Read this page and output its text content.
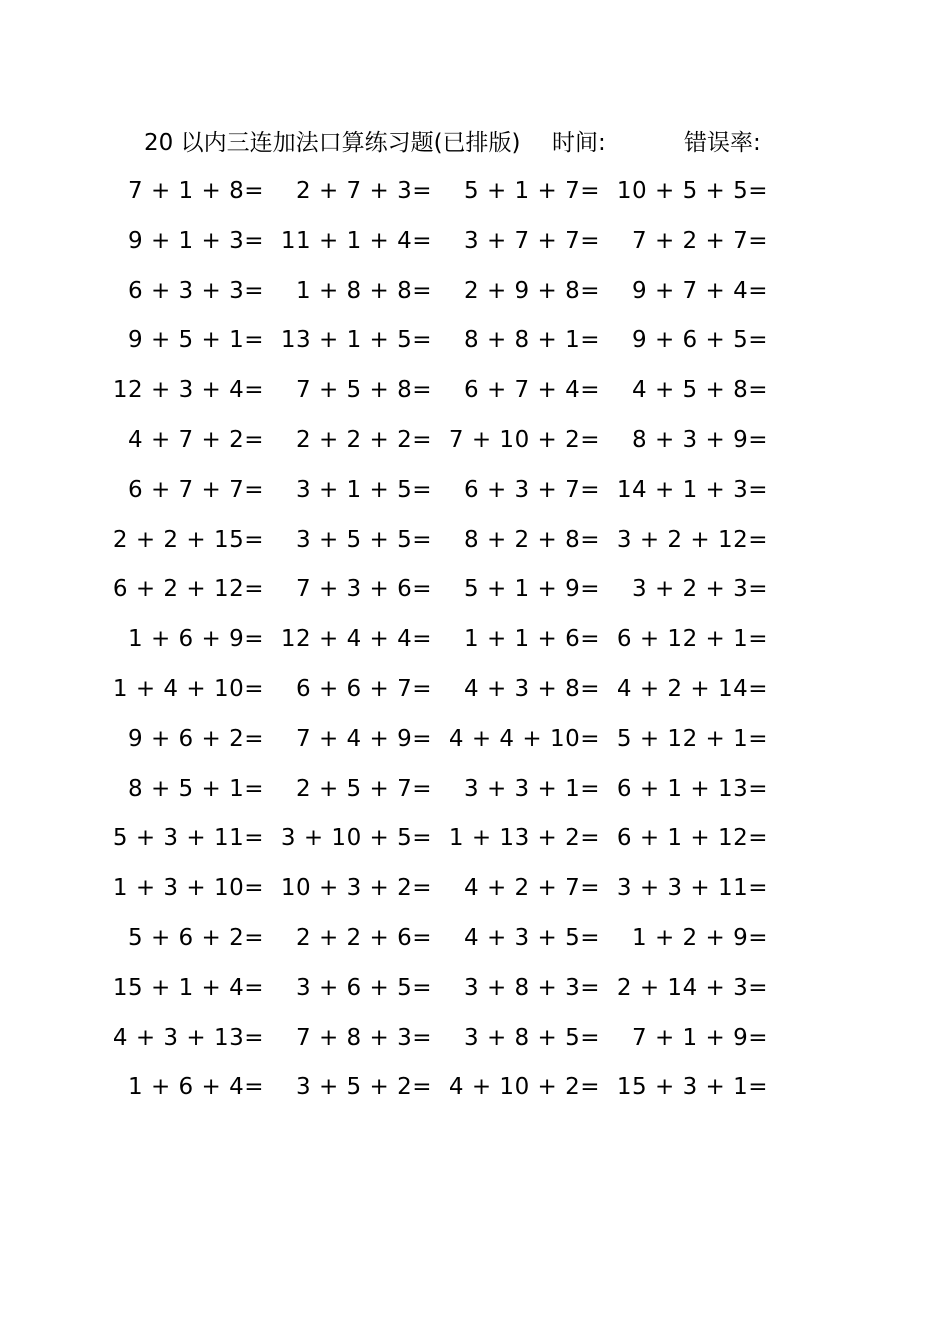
20 以内三连加法口算练习题(已排版) 时间:	错误率:
7 + 1 + 8= 2 + 7 + 3= 5 + 1 + 7= 10 + 5 + 5=
9 + 1 + 3= 11 + 1 + 4= 3 + 7 + 7= 7 + 2 + 7=
6 + 3 + 3= 1 + 8 + 8= 2 + 9 + 8= 9 + 7 + 4=
9 + 5 + 1= 13 + 1 + 5= 8 + 8 + 1= 9 + 6 + 5=
12 + 3 + 4= 7 + 5 + 8= 6 + 7 + 4= 4 + 5 + 8=
4 + 7 + 2= 2 + 2 + 2= 7 + 10 + 2= 8 + 3 + 9=
6 + 7 + 7= 3 + 1 + 5= 6 + 3 + 7= 14 + 1 + 3=
2 + 2 + 15= 3 + 5 + 5= 8 + 2 + 8= 3 + 2 + 12=
6 + 2 + 12= 7 + 3 + 6= 5 + 1 + 9= 3 + 2 + 3=
1 + 6 + 9= 12 + 4 + 4= 1 + 1 + 6= 6 + 12 + 1=
1 + 4 + 10= 6 + 6 + 7= 4 + 3 + 8= 4 + 2 + 14=
9 + 6 + 2= 7 + 4 + 9= 4 + 4 + 10= 5 + 12 + 1=
8 + 5 + 1= 2 + 5 + 7= 3 + 3 + 1= 6 + 1 + 13=
5 + 3 + 11= 3 + 10 + 5= 1 + 13 + 2= 6 + 1 + 12=
1 + 3 + 10= 10 + 3 + 2= 4 + 2 + 7= 3 + 3 + 11=
5 + 6 + 2= 2 + 2 + 6= 4 + 3 + 5= 1 + 2 + 9=
15 + 1 + 4= 3 + 6 + 5= 3 + 8 + 3= 2 + 14 + 3=
4 + 3 + 13= 7 + 8 + 3= 3 + 8 + 5= 7 + 1 + 9=
1 + 6 + 4= 3 + 5 + 2= 4 + 10 + 2= 15 + 3 + 1=
